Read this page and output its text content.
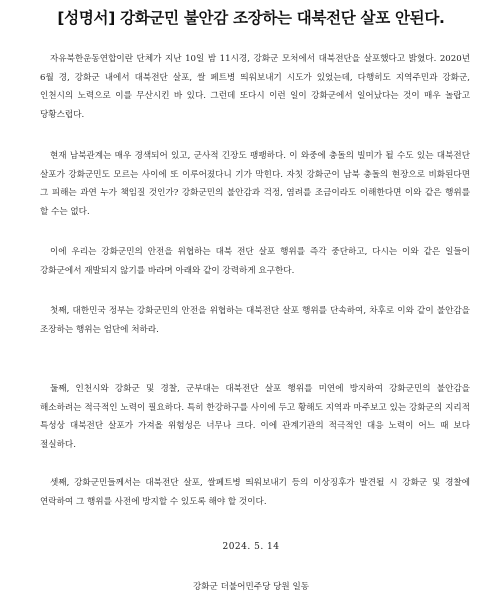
[성명서] 강화군민 불안감 조장하는 대북전단 살포 안된다.

자유북한운동연합이란 단체가 지난 10일 밤 11시경, 강화군 모처에서 대북전단을 살포했다고 밝혔다. 2020년 6월 경, 강화군 내에서 대북전단 살포, 쌀 페트병 띄워보내기 시도가 있었는데, 다행히도 지역주민과 강화군, 인천시의 노력으로 이를 무산시킨 바 있다. 그런데 또다시 이런 일이 강화군에서 일어났다는 것이 매우 놀랍고 당황스럽다.

현재 남북관계는 매우 경색되어 있고, 군사적 긴장도 팽팽하다. 이 와중에 충돌의 빌미가 될 수도 있는 대북전단 살포가 강화군민도 모르는 사이에 또 이루어졌다니 기가 막힌다. 자칫 강화군이 남북 충돌의 현장으로 비화된다면 그 피해는 과연 누가 책임질 것인가? 강화군민의 불안감과 걱정, 염려를 조금이라도 이해한다면 이와 같은 행위를 할 수는 없다.

이에 우리는 강화군민의 안전을 위협하는 대북 전단 살포 행위를 즉각 중단하고, 다시는 이와 같은 일들이 강화군에서 재발되지 않기를 바라며 아래와 같이 강력하게 요구한다.

첫째, 대한민국 정부는 강화군민의 안전을 위협하는 대북전단 살포 행위를 단속하여, 차후로 이와 같이 불안감을 조장하는 행위는 엄단에 처하라.

둘째, 인천시와 강화군 및 경찰, 군부대는 대북전단 살포 행위를 미연에 방지하여 강화군민의 불안감을 해소하려는 적극적인 노력이 필요하다. 특히 한강하구를 사이에 두고 황해도 지역과 마주보고 있는 강화군의 지리적 특성상 대북전단 살포가 가져올 위험성은 너무나 크다. 이에 관계기관의 적극적인 대응 노력이 어느 때 보다 절실하다.

셋째, 강화군민들께서는 대북전단 살포, 쌀페트병 띄워보내기 등의 이상징후가 발견될 시 강화군 및 경찰에 연락하여 그 행위를 사전에 방지할 수 있도록 해야 할 것이다.

2024. 5. 14
강화군 더불어민주당 당원 일동
